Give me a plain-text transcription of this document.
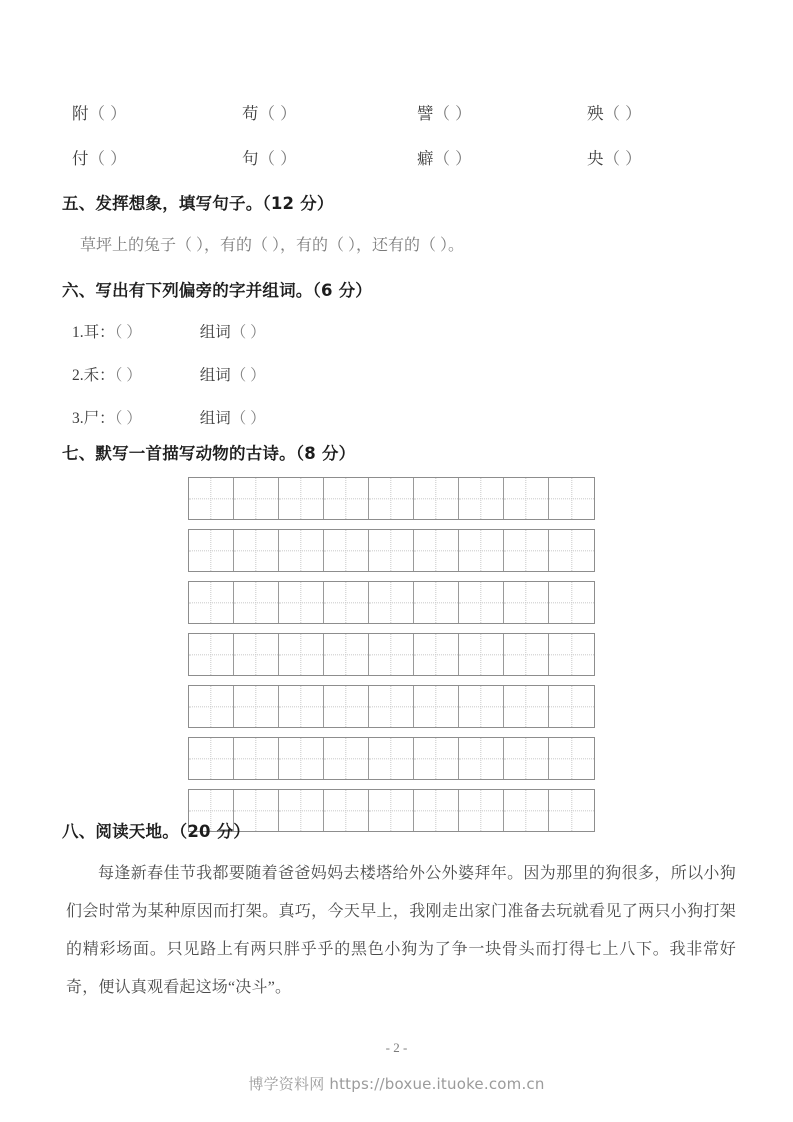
附（ ）	苟（ ）	譬（ ）	殃（ ）
付（ ）	句（ ）	癖（ ）	央（ ）
五、发挥想象，填写句子。（12 分）
草坪上的兔子（ ），有的（ ），有的（ ），还有的（ ）。
六、写出有下列偏旁的字并组词。（6 分）
1.耳：（ ）	组词（ ）
2.禾：（ ）	组词（ ）
3.尸：（ ）	组词（ ）
七、默写一首描写动物的古诗。（8 分）
八、阅读天地。（20 分）
每逢新春佳节我都要随着爸爸妈妈去楼塔给外公外婆拜年。因为那里的狗很多，所以小狗们会时常为某种原因而打架。真巧，今天早上，我刚走出家门准备去玩就看见了两只小狗打架的精彩场面。只见路上有两只胖乎乎的黑色小狗为了争一块骨头而打得七上八下。我非常好奇，便认真观看起这场“决斗”。
- 2 -
博学资料网 https://boxue.ituoke.com.cn
